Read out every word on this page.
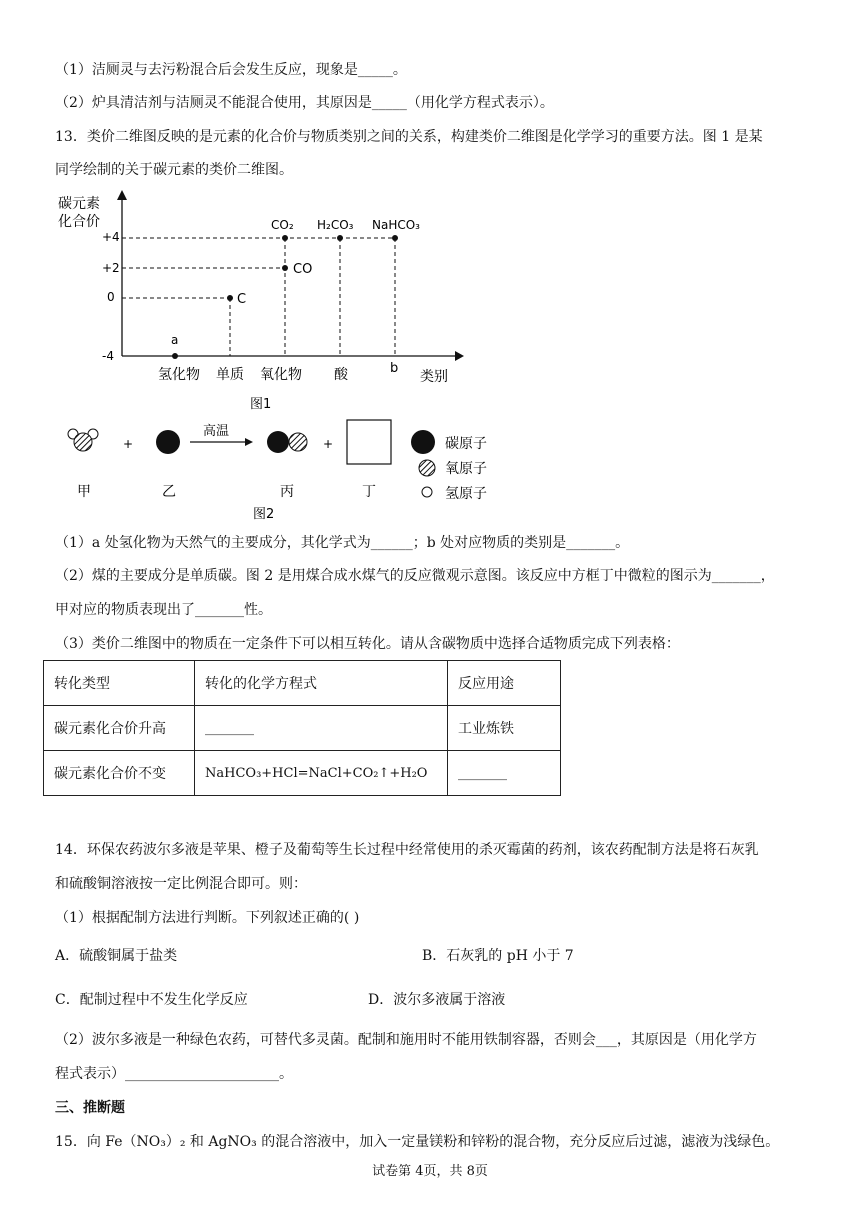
（1）洁厕灵与去污粉混合后会发生反应，现象是_____。
（2）炉具清洁剂与洁厕灵不能混合使用，其原因是_____（用化学方程式表示）。
13．类价二维图反映的是元素的化合价与物质类别之间的关系，构建类价二维图是化学学习的重要方法。图 1 是某
同学绘制的关于碳元素的类价二维图。
碳元素
化合价
+4
+2
0
-4
a
C
CO
CO₂ H₂CO₃ NaHCO₃
氢化物 单质 氧化物 酸	b
类别
图1
+
高温
+	碳原子
氧原子
氢原子
甲	乙	丙	丁
图2
（1）a 处氢化物为天然气的主要成分，其化学式为______；b 处对应物质的类别是_______。
（2）煤的主要成分是单质碳。图 2 是用煤合成水煤气的反应微观示意图。该反应中方框丁中微粒的图示为_______，
甲对应的物质表现出了_______性。
（3）类价二维图中的物质在一定条件下可以相互转化。请从含碳物质中选择合适物质完成下列表格：
转化类型	转化的化学方程式	反应用途
碳元素化合价升高	_______	工业炼铁
碳元素化合价不变	NaHCO₃+HCl=NaCl+CO₂↑+H₂O	_______
14．环保农药波尔多液是苹果、橙子及葡萄等生长过程中经常使用的杀灭霉菌的药剂，该农药配制方法是将石灰乳
和硫酸铜溶液按一定比例混合即可。则：
（1）根据配制方法进行判断。下列叙述正确的( )
A．硫酸铜属于盐类	B．石灰乳的 pH 小于 7
C．配制过程中不发生化学反应	D．波尔多液属于溶液
（2）波尔多液是一种绿色农药，可替代多灵菌。配制和施用时不能用铁制容器，否则会___，其原因是（用化学方
程式表示）______________________。
三、推断题
15．向 Fe（NO₃）₂ 和 AgNO₃ 的混合溶液中，加入一定量镁粉和锌粉的混合物，充分反应后过滤，滤液为浅绿色。
试卷第 4页，共 8页
